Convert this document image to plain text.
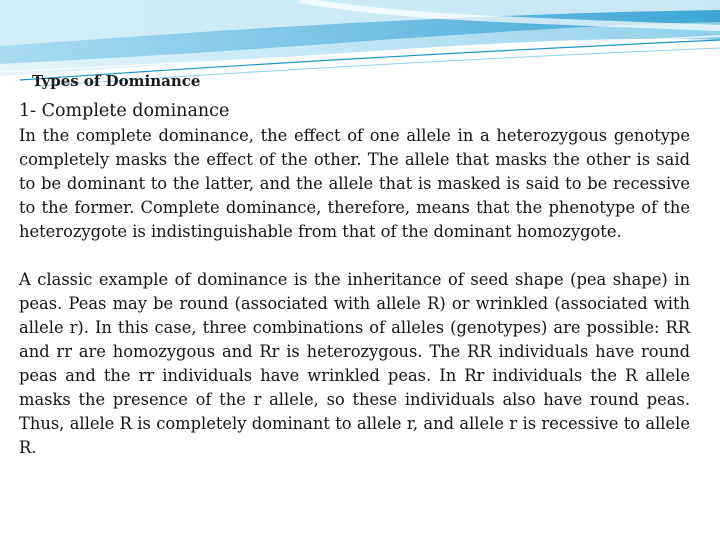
Types of Dominance
1- Complete dominance

In the complete dominance, the effect of one allele in a heterozygous genotype completely masks the effect of the other. The allele that masks the other is said to be dominant to the latter, and the allele that is masked is said to be recessive to the former. Complete dominance, therefore, means that the phenotype of the heterozygote is indistinguishable from that of the dominant homozygote.

A classic example of dominance is the inheritance of seed shape (pea shape) in peas. Peas may be round (associated with allele R) or wrinkled (associated with allele r). In this case, three combinations of alleles (genotypes) are possible: RR and rr are homozygous and Rr is heterozygous. The RR individuals have round peas and the rr individuals have wrinkled peas. In Rr individuals the R allele masks the presence of the r allele, so these individuals also have round peas. Thus, allele R is completely dominant to allele r, and allele r is recessive to allele R.
